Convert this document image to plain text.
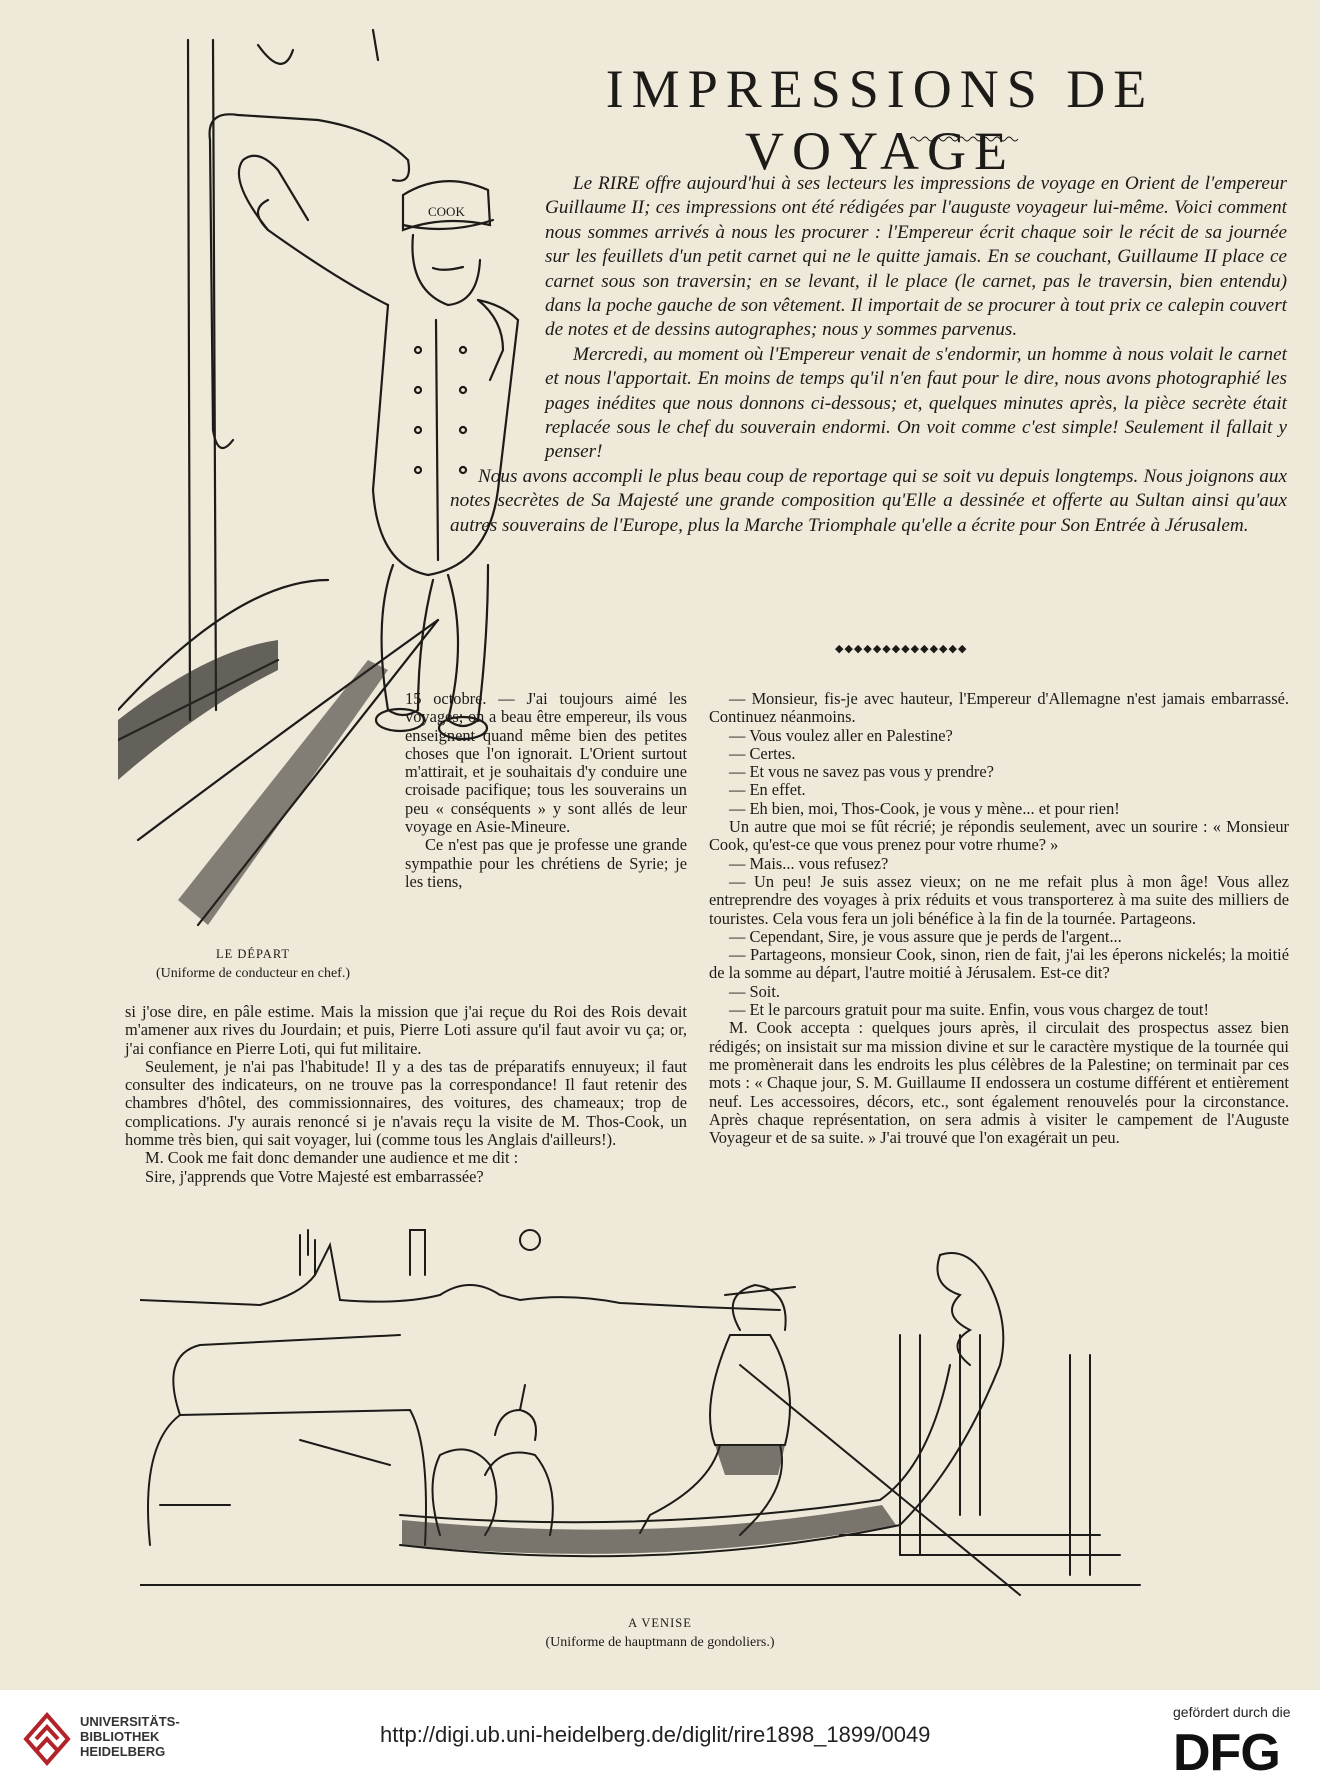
COOK
IMPRESSIONS DE VOYAGE

Le RIRE offre aujourd'hui à ses lecteurs les impressions de voyage en Orient de l'empereur Guillaume II; ces impressions ont été rédigées par l'auguste voyageur lui-même. Voici comment nous sommes arrivés à nous les procurer : l'Empereur écrit chaque soir le récit de sa journée sur les feuillets d'un petit carnet qui ne le quitte jamais. En se couchant, Guillaume II place ce carnet sous son traversin; en se levant, il le place (le carnet, pas le traversin, bien entendu) dans la poche gauche de son vêtement. Il importait de se procurer à tout prix ce calepin couvert de notes et de dessins autographes; nous y sommes parvenus.

Mercredi, au moment où l'Empereur venait de s'endormir, un homme à nous volait le carnet et nous l'apportait. En moins de temps qu'il n'en faut pour le dire, nous avons photographié les pages inédites que nous donnons ci-dessous; et, quelques minutes après, la pièce secrète était replacée sous le chef du souverain endormi. On voit comme c'est simple! Seulement il fallait y penser!

Nous avons accompli le plus beau coup de reportage qui se soit vu depuis longtemps. Nous joignons aux notes secrètes de Sa Majesté une grande composition qu'Elle a dessinée et offerte au Sultan ainsi qu'aux autres souverains de l'Europe, plus la Marche Triomphale qu'elle a écrite pour Son Entrée à Jérusalem.

◆◆◆◆◆◆◆◆◆◆◆◆◆◆

15 octobre. — J'ai toujours aimé les voyages; on a beau être empereur, ils vous enseignent quand même bien des petites choses que l'on ignorait. L'Orient surtout m'attirait, et je souhaitais d'y conduire une croisade pacifique; tous les souverains un peu « conséquents » y sont allés de leur voyage en Asie-Mineure.

Ce n'est pas que je professe une grande sympathie pour les chrétiens de Syrie; je les tiens,

LE DÉPART
(Uniforme de conducteur en chef.)

si j'ose dire, en pâle estime. Mais la mission que j'ai reçue du Roi des Rois devait m'amener aux rives du Jourdain; et puis, Pierre Loti assure qu'il faut avoir vu ça; or, j'ai confiance en Pierre Loti, qui fut militaire.

Seulement, je n'ai pas l'habitude! Il y a des tas de préparatifs ennuyeux; il faut consulter des indicateurs, on ne trouve pas la correspondance! Il faut retenir des chambres d'hôtel, des commissionnaires, des voitures, des chameaux; trop de complications. J'y aurais renoncé si je n'avais reçu la visite de M. Thos-Cook, un homme très bien, qui sait voyager, lui (comme tous les Anglais d'ailleurs!).

M. Cook me fait donc demander une audience et me dit :

Sire, j'apprends que Votre Majesté est embarrassée?

— Monsieur, fis-je avec hauteur, l'Empereur d'Allemagne n'est jamais embarrassé. Continuez néanmoins.

— Vous voulez aller en Palestine?

— Certes.

— Et vous ne savez pas vous y prendre?

— En effet.

— Eh bien, moi, Thos-Cook, je vous y mène... et pour rien!

Un autre que moi se fût récrié; je répondis seulement, avec un sourire : « Monsieur Cook, qu'est-ce que vous prenez pour votre rhume? »

— Mais... vous refusez?

— Un peu! Je suis assez vieux; on ne me refait plus à mon âge! Vous allez entreprendre des voyages à prix réduits et vous transporterez à ma suite des milliers de touristes. Cela vous fera un joli bénéfice à la fin de la tournée. Partageons.

— Cependant, Sire, je vous assure que je perds de l'argent...

— Partageons, monsieur Cook, sinon, rien de fait, j'ai les éperons nickelés; la moitié de la somme au départ, l'autre moitié à Jérusalem. Est-ce dit?

— Soit.

— Et le parcours gratuit pour ma suite. Enfin, vous vous chargez de tout!

M. Cook accepta : quelques jours après, il circulait des prospectus assez bien rédigés; on insistait sur ma mission divine et sur le caractère mystique de la tournée qui me promènerait dans les endroits les plus célèbres de la Palestine; on terminait par ces mots : « Chaque jour, S. M. Guillaume II endossera un costume différent et entièrement neuf. Les accessoires, décors, etc., sont également renouvelés pour la circonstance. Après chaque représentation, on sera admis à visiter le campement de l'Auguste Voyageur et de sa suite. » J'ai trouvé que l'on exagérait un peu.

A VENISE
(Uniforme de hauptmann de gondoliers.)
UNIVERSITÄTS-
BIBLIOTHEK
HEIDELBERG
http://digi.ub.uni-heidelberg.de/diglit/rire1898_1899/0049
gefördert durch die
DFG
